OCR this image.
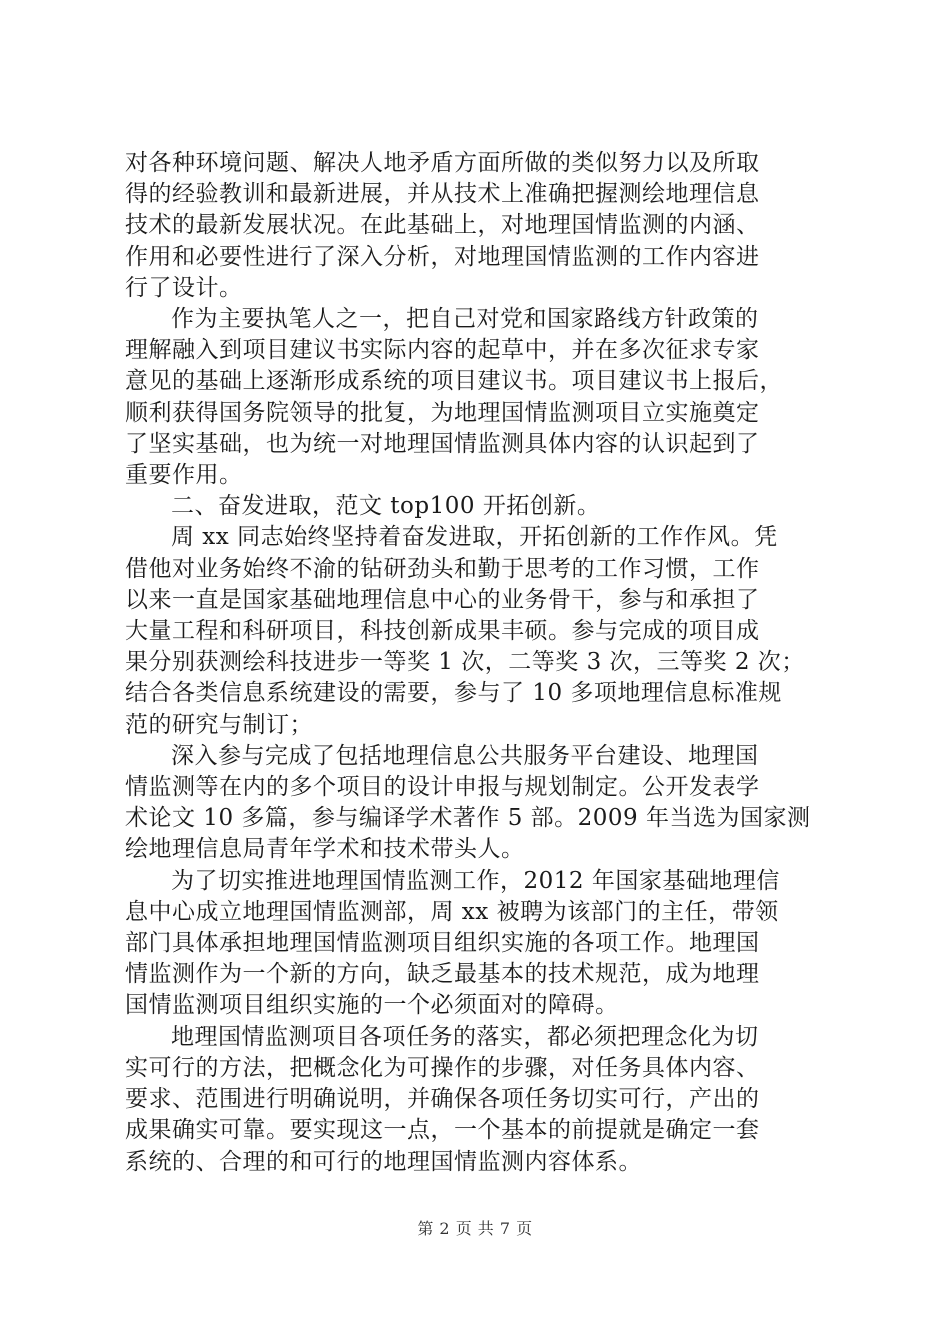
对各种环境问题、解决人地矛盾方面所做的类似努力以及所取
得的经验教训和最新进展，并从技术上准确把握测绘地理信息
技术的最新发展状况。在此基础上，对地理国情监测的内涵、
作用和必要性进行了深入分析，对地理国情监测的工作内容进
行了设计。
作为主要执笔人之一，把自己对党和国家路线方针政策的
理解融入到项目建议书实际内容的起草中，并在多次征求专家
意见的基础上逐渐形成系统的项目建议书。项目建议书上报后，
顺利获得国务院领导的批复，为地理国情监测项目立实施奠定
了坚实基础，也为统一对地理国情监测具体内容的认识起到了
重要作用。
二、奋发进取，范文 top100 开拓创新。
周 xx 同志始终坚持着奋发进取，开拓创新的工作作风。凭
借他对业务始终不渝的钻研劲头和勤于思考的工作习惯，工作
以来一直是国家基础地理信息中心的业务骨干，参与和承担了
大量工程和科研项目，科技创新成果丰硕。参与完成的项目成
果分别获测绘科技进步一等奖 1 次，二等奖 3 次，三等奖 2 次；
结合各类信息系统建设的需要，参与了 10 多项地理信息标准规
范的研究与制订；
深入参与完成了包括地理信息公共服务平台建设、地理国
情监测等在内的多个项目的设计申报与规划制定。公开发表学
术论文 10 多篇，参与编译学术著作 5 部。2009 年当选为国家测
绘地理信息局青年学术和技术带头人。
为了切实推进地理国情监测工作，2012 年国家基础地理信
息中心成立地理国情监测部，周 xx 被聘为该部门的主任，带领
部门具体承担地理国情监测项目组织实施的各项工作。地理国
情监测作为一个新的方向，缺乏最基本的技术规范，成为地理
国情监测项目组织实施的一个必须面对的障碍。
地理国情监测项目各项任务的落实，都必须把理念化为切
实可行的方法，把概念化为可操作的步骤，对任务具体内容、
要求、范围进行明确说明，并确保各项任务切实可行，产出的
成果确实可靠。要实现这一点，一个基本的前提就是确定一套
系统的、合理的和可行的地理国情监测内容体系。
第 2 页 共 7 页
